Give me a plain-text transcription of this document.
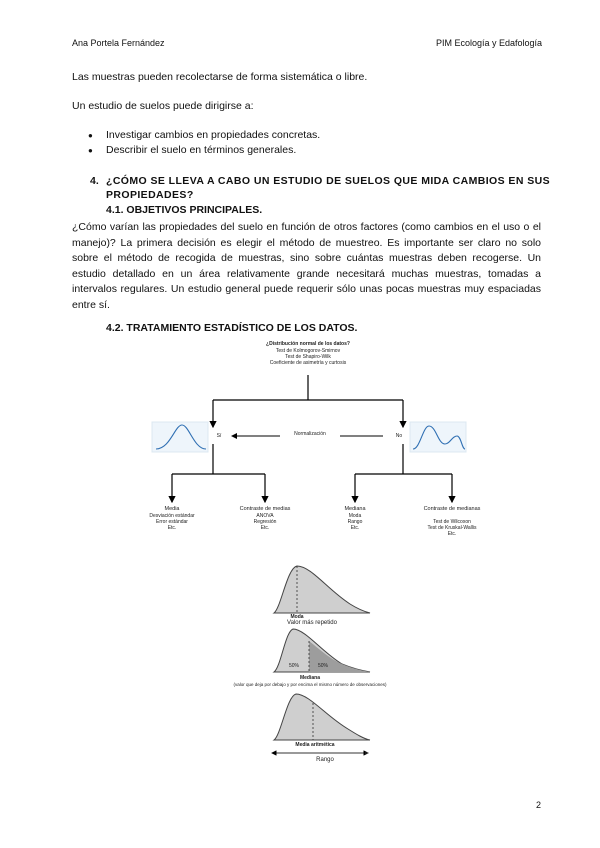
Ana Portela Fernández	PIM Ecología y Edafología
Las muestras pueden recolectarse de forma sistemática o libre.
Un estudio de suelos puede dirigirse a:
● Investigar cambios en propiedades concretas.
● Describir el suelo en términos generales.
4. ¿CÓMO SE LLEVA A CABO UN ESTUDIO DE SUELOS QUE MIDA CAMBIOS EN SUS PROPIEDADES?
4.1. OBJETIVOS PRINCIPALES.
¿Cómo varían las propiedades del suelo en función de otros factores (como cambios en el uso o el manejo)? La primera decisión es elegir el método de muestreo. Es importante ser claro no solo sobre el método de recogida de muestras, sino sobre cuántas muestras deben recogerse. Un estudio detallado en un área relativamente grande necesitará muchas muestras, tomadas a intervalos regulares. Un estudio general puede requerir sólo unas pocas muestras muy espaciadas entre sí.
4.2. TRATAMIENTO ESTADÍSTICO DE LOS DATOS.
¿Distribución normal de los datos?
Test de Kolmogorov-Smirnov
Test de Shapiro-Wilk
Coeficiente de asimetría y curtosis
Sí	No
Normalización
Media
Desviación estándar
Error estándar
Etc.
Contraste de medias
ANOVA
Regresión
Etc.
Mediana
Moda
Rango
Etc.
Contraste de medianas
Test de Wilcoxon
Test de Kruskal-Wallis
Etc.
Moda
Valor más repetido
50%	50%
Mediana
(valor que deja por debajo y por encima el mismo número de observaciones)
Media aritmética
Rango
2
